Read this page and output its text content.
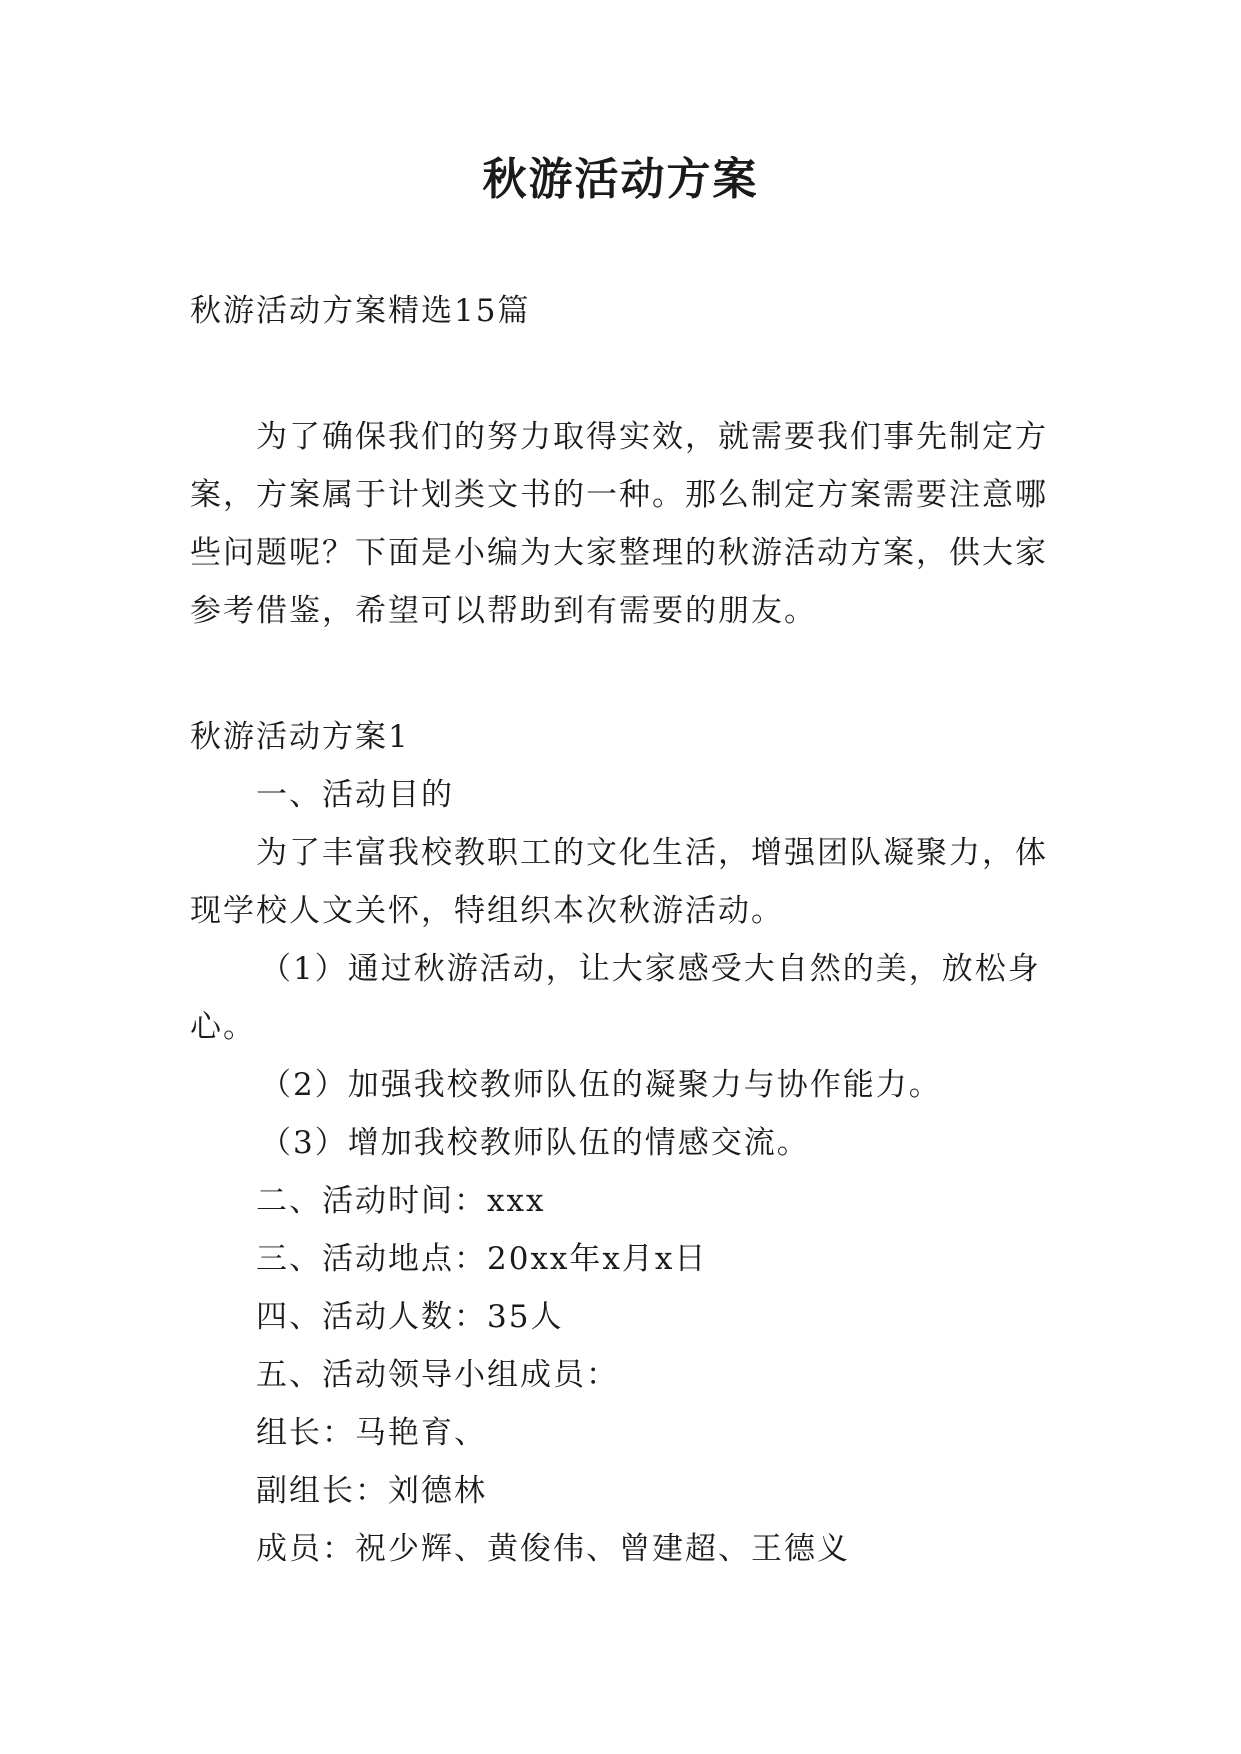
秋游活动方案

秋游活动方案精选15篇

为了确保我们的努力取得实效，就需要我们事先制定方案，方案属于计划类文书的一种。那么制定方案需要注意哪些问题呢？下面是小编为大家整理的秋游活动方案，供大家参考借鉴，希望可以帮助到有需要的朋友。

秋游活动方案1

一、活动目的

为了丰富我校教职工的文化生活，增强团队凝聚力，体现学校人文关怀，特组织本次秋游活动。

（1）通过秋游活动，让大家感受大自然的美，放松身心。

（2）加强我校教师队伍的凝聚力与协作能力。

（3）增加我校教师队伍的情感交流。

二、活动时间：xxx

三、活动地点：20xx年x月x日

四、活动人数：35人

五、活动领导小组成员：

组长：马艳育、

副组长：刘德林

成员：祝少辉、黄俊伟、曾建超、王德义
